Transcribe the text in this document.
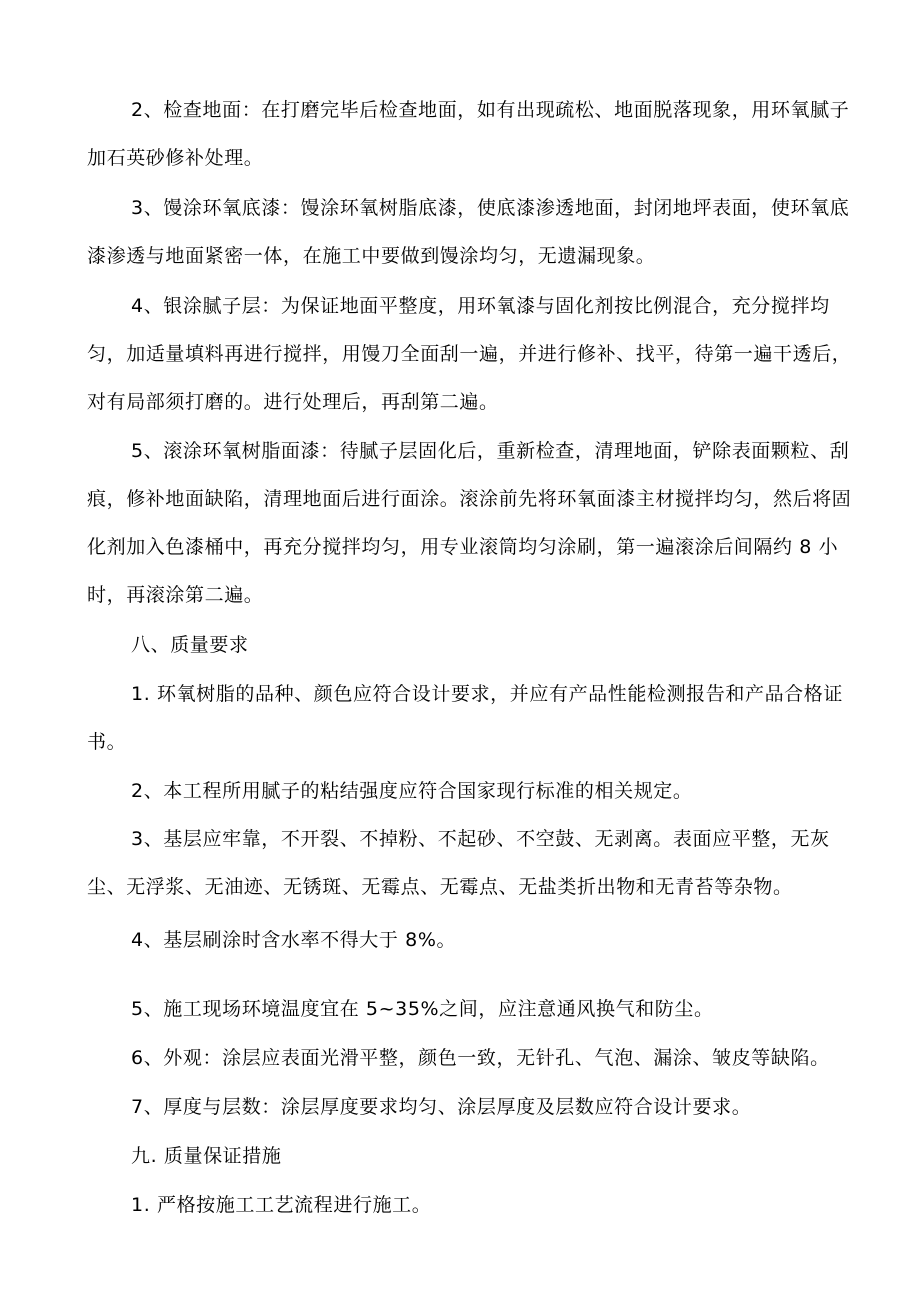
2、检查地面：在打磨完毕后检查地面，如有出现疏松、地面脱落现象，用环氧腻子加石英砂修补处理。

3、馒涂环氧底漆：馒涂环氧树脂底漆，使底漆渗透地面，封闭地坪表面，使环氧底漆渗透与地面紧密一体，在施工中要做到馒涂均匀，无遗漏现象。

4、银涂腻子层：为保证地面平整度，用环氧漆与固化剂按比例混合，充分搅拌均匀，加适量填料再进行搅拌，用馒刀全面刮一遍，并进行修补、找平，待第一遍干透后，对有局部须打磨的。进行处理后，再刮第二遍。

5、滚涂环氧树脂面漆：待腻子层固化后，重新检查，清理地面，铲除表面颗粒、刮痕，修补地面缺陷，清理地面后进行面涂。滚涂前先将环氧面漆主材搅拌均匀，然后将固化剂加入色漆桶中，再充分搅拌均匀，用专业滚筒均匀涂刷，第一遍滚涂后间隔约 8 小时，再滚涂第二遍。

八、质量要求

1. 环氧树脂的品种、颜色应符合设计要求，并应有产品性能检测报告和产品合格证书。

2、本工程所用腻子的粘结强度应符合国家现行标准的相关规定。

3、基层应牢靠，不开裂、不掉粉、不起砂、不空鼓、无剥离。表面应平整，无灰尘、无浮浆、无油迹、无锈斑、无霉点、无霉点、无盐类折出物和无青苔等杂物。

4、基层刷涂时含水率不得大于 8%。

5、施工现场环境温度宜在 5~35%之间，应注意通风换气和防尘。

6、外观：涂层应表面光滑平整，颜色一致，无针孔、气泡、漏涂、皱皮等缺陷。

7、厚度与层数：涂层厚度要求均匀、涂层厚度及层数应符合设计要求。

九. 质量保证措施

1. 严格按施工工艺流程进行施工。
